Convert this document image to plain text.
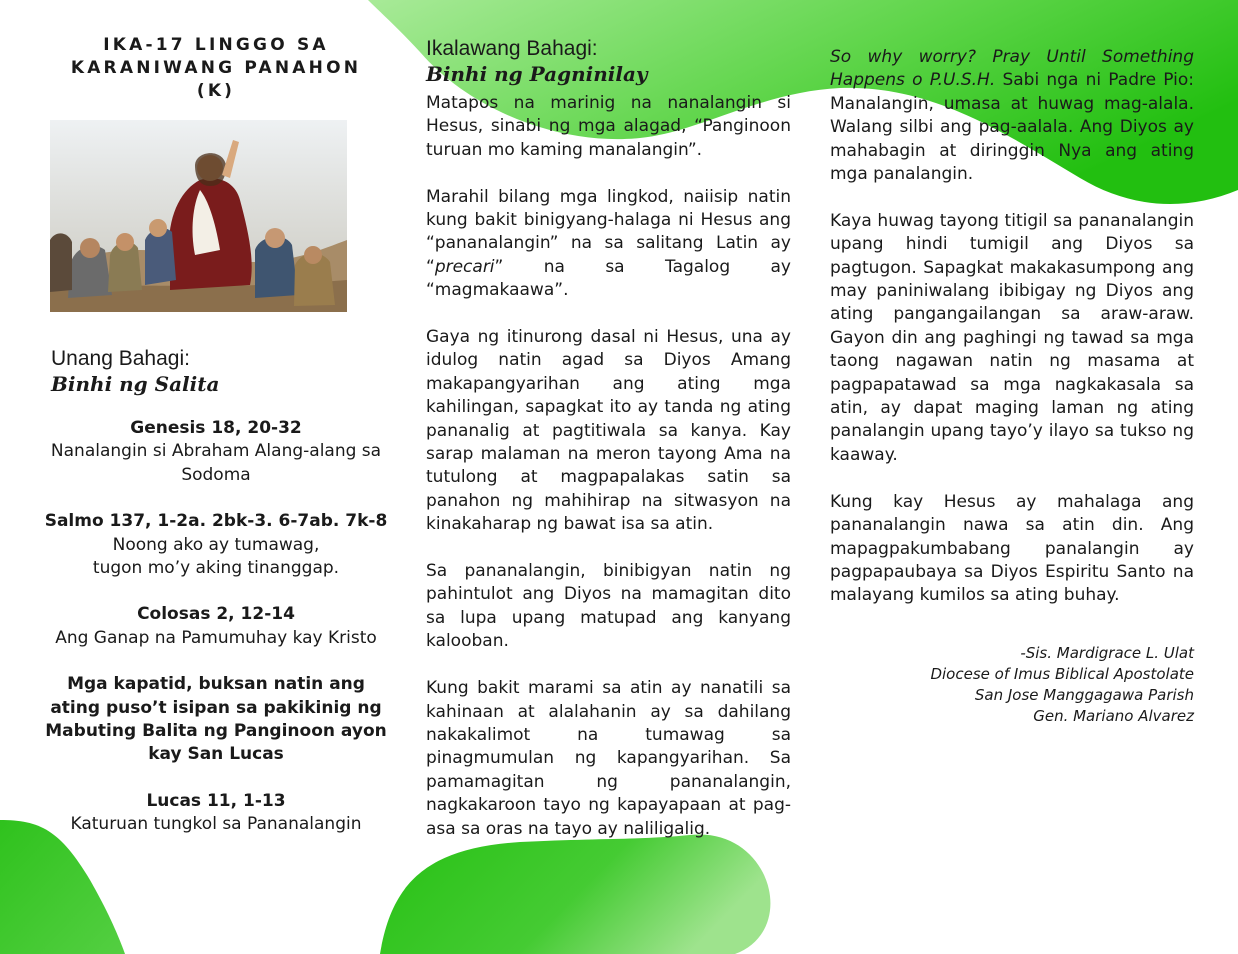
IKA-17 LINGGO SA
KARANIWANG PANAHON
(K)

Unang Bahagi:

Binhi ng Salita

Genesis 18, 20-32
Nanalangin si Abraham Alang-alang sa Sodoma
Salmo 137, 1-2a. 2bk-3. 6-7ab. 7k-8
Noong ako ay tumawag,
tugon mo’y aking tinanggap.
Colosas 2, 12-14
Ang Ganap na Pamumuhay kay Kristo

Mga kapatid, buksan natin ang ating puso’t isipan sa pakikinig ng Mabuting Balita ng Panginoon ayon kay San Lucas

Lucas 11, 1-13
Katuruan tungkol sa Pananalangin

Ikalawang Bahagi:

Binhi ng Pagninilay

Matapos na marinig na nanalangin si Hesus, sinabi ng mga alagad, “Panginoon turuan mo kaming manalangin”.

Marahil bilang mga lingkod, naiisip natin kung bakit binigyang-halaga ni Hesus ang “pananalangin” na sa salitang Latin ay “precari” na sa Tagalog ay “magmakaawa”.

Gaya ng itinurong dasal ni Hesus, una ay idulog natin agad sa Diyos Amang makapangyarihan ang ating mga kahilingan, sapagkat ito ay tanda ng ating pananalig at pagtitiwala sa kanya. Kay sarap malaman na meron tayong Ama na tutulong at magpapalakas satin sa panahon ng mahihirap na sitwasyon na kinakaharap ng bawat isa sa atin.

Sa pananalangin, binibigyan natin ng pahintulot ang Diyos na mamagitan dito sa lupa upang matupad ang kanyang kalooban.

Kung bakit marami sa atin ay nanatili sa kahinaan at alalahanin ay sa dahilang nakakalimot na tumawag sa pinagmumulan ng kapangyarihan. Sa pamamagitan ng pananalangin, nagkakaroon tayo ng kapayapaan at pag-asa sa oras na tayo ay naliligalig.

So why worry? Pray Until Something Happens o P.U.S.H. Sabi nga ni Padre Pio: Manalangin, umasa at huwag mag-alala. Walang silbi ang pag-aalala. Ang Diyos ay mahabagin at diringgin Nya ang ating mga panalangin.

Kaya huwag tayong titigil sa pananalangin upang hindi tumigil ang Diyos sa pagtugon. Sapagkat makakasumpong ang may paniniwalang ibibigay ng Diyos ang ating pangangailangan sa araw-araw. Gayon din ang paghingi ng tawad sa mga taong nagawan natin ng masama at pagpapatawad sa mga nagkakasala sa atin, ay dapat maging laman ng ating panalangin upang tayo’y ilayo sa tukso ng kaaway.

Kung kay Hesus ay mahalaga ang pananalangin nawa sa atin din. Ang mapagpakumbabang panalangin ay pagpapaubaya sa Diyos Espiritu Santo na malayang kumilos sa ating buhay.

-Sis. Mardigrace L. Ulat
Diocese of Imus Biblical Apostolate
San Jose Manggagawa Parish
Gen. Mariano Alvarez
